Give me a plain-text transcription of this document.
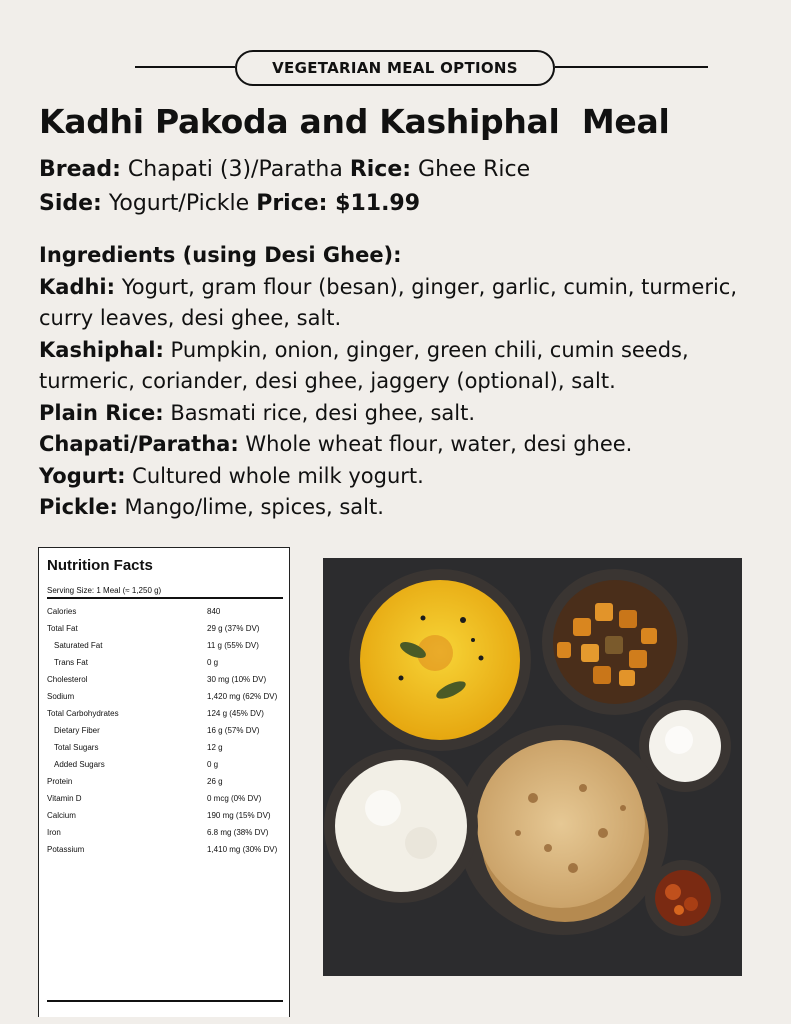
VEGETARIAN MEAL OPTIONS
Kadhi Pakoda and Kashiphal  Meal
Bread: Chapati (3)/Paratha Rice: Ghee Rice
Side: Yogurt/Pickle Price: $11.99
Ingredients (using Desi Ghee):
Kadhi: Yogurt, gram flour (besan), ginger, garlic, cumin, turmeric, curry leaves, desi ghee, salt.
Kashiphal: Pumpkin, onion, ginger, green chili, cumin seeds, turmeric, coriander, desi ghee, jaggery (optional), salt.
Plain Rice: Basmati rice, desi ghee, salt.
Chapati/Paratha: Whole wheat flour, water, desi ghee.
Yogurt: Cultured whole milk yogurt.
Pickle: Mango/lime, spices, salt.
Nutrition Facts
Serving Size: 1 Meal (≈ 1,250 g)
Calories	840
Total Fat	29 g (37% DV)
Saturated Fat	11 g (55% DV)
Trans Fat	0 g
Cholesterol	30 mg (10% DV)
Sodium	1,420 mg (62% DV)
Total Carbohydrates	124 g (45% DV)
Dietary Fiber	16 g (57% DV)
Total Sugars	12 g
Added Sugars	0 g
Protein	26 g
Vitamin D	0 mcg (0% DV)
Calcium	190 mg (15% DV)
Iron	6.8 mg (38% DV)
Potassium	1,410 mg (30% DV)
